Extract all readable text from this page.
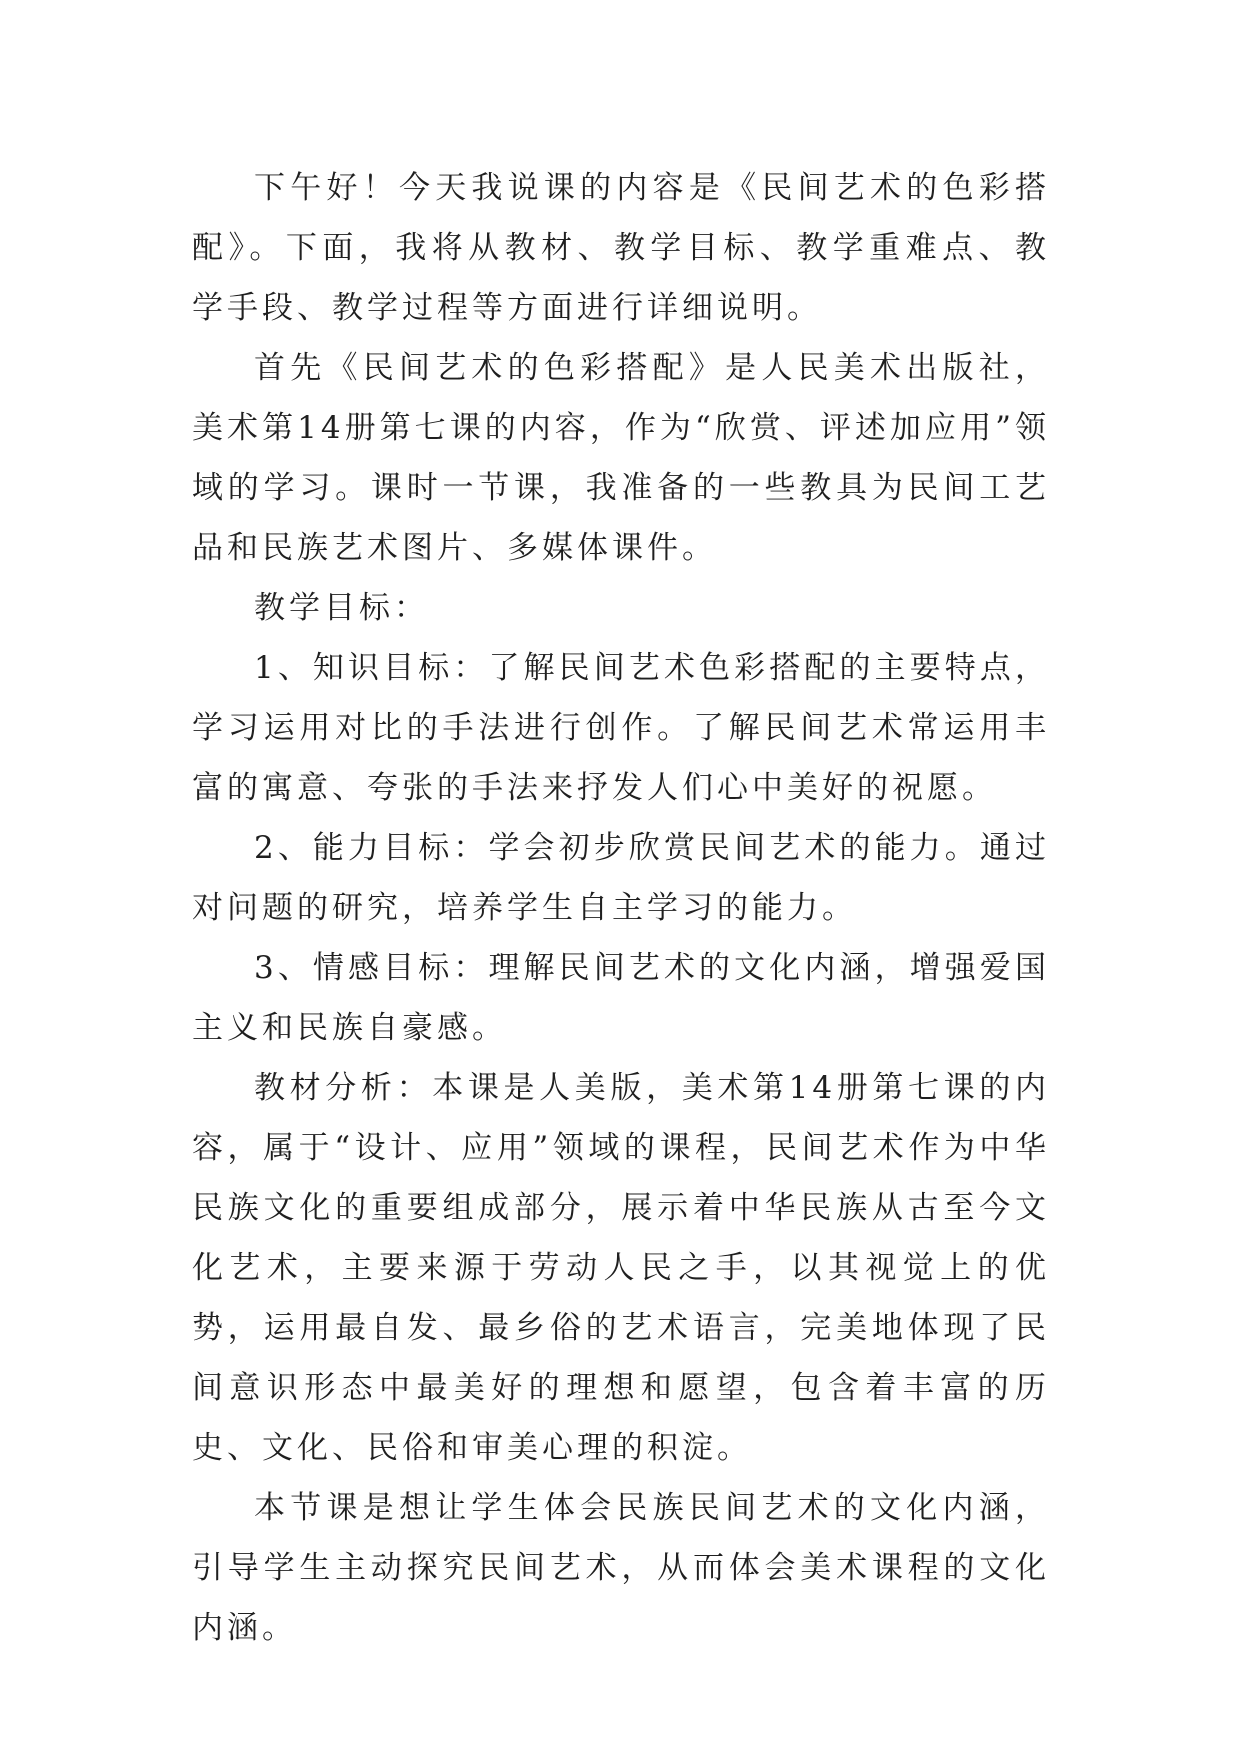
下午好！今天我说课的内容是《民间艺术的色彩搭配》。下面，我将从教材、教学目标、教学重难点、教学手段、教学过程等方面进行详细说明。

首先《民间艺术的色彩搭配》是人民美术出版社，美术第14册第七课的内容，作为“欣赏、评述加应用”领域的学习。课时一节课，我准备的一些教具为民间工艺品和民族艺术图片、多媒体课件。

教学目标：

1、知识目标：了解民间艺术色彩搭配的主要特点，学习运用对比的手法进行创作。了解民间艺术常运用丰富的寓意、夸张的手法来抒发人们心中美好的祝愿。

2、能力目标：学会初步欣赏民间艺术的能力。通过对问题的研究，培养学生自主学习的能力。

3、情感目标：理解民间艺术的文化内涵，增强爱国主义和民族自豪感。

教材分析：本课是人美版，美术第14册第七课的内容，属于“设计、应用”领域的课程，民间艺术作为中华民族文化的重要组成部分，展示着中华民族从古至今文化艺术，主要来源于劳动人民之手，以其视觉上的优势，运用最自发、最乡俗的艺术语言，完美地体现了民间意识形态中最美好的理想和愿望，包含着丰富的历史、文化、民俗和审美心理的积淀。

本节课是想让学生体会民族民间艺术的文化内涵，引导学生主动探究民间艺术，从而体会美术课程的文化内涵。
